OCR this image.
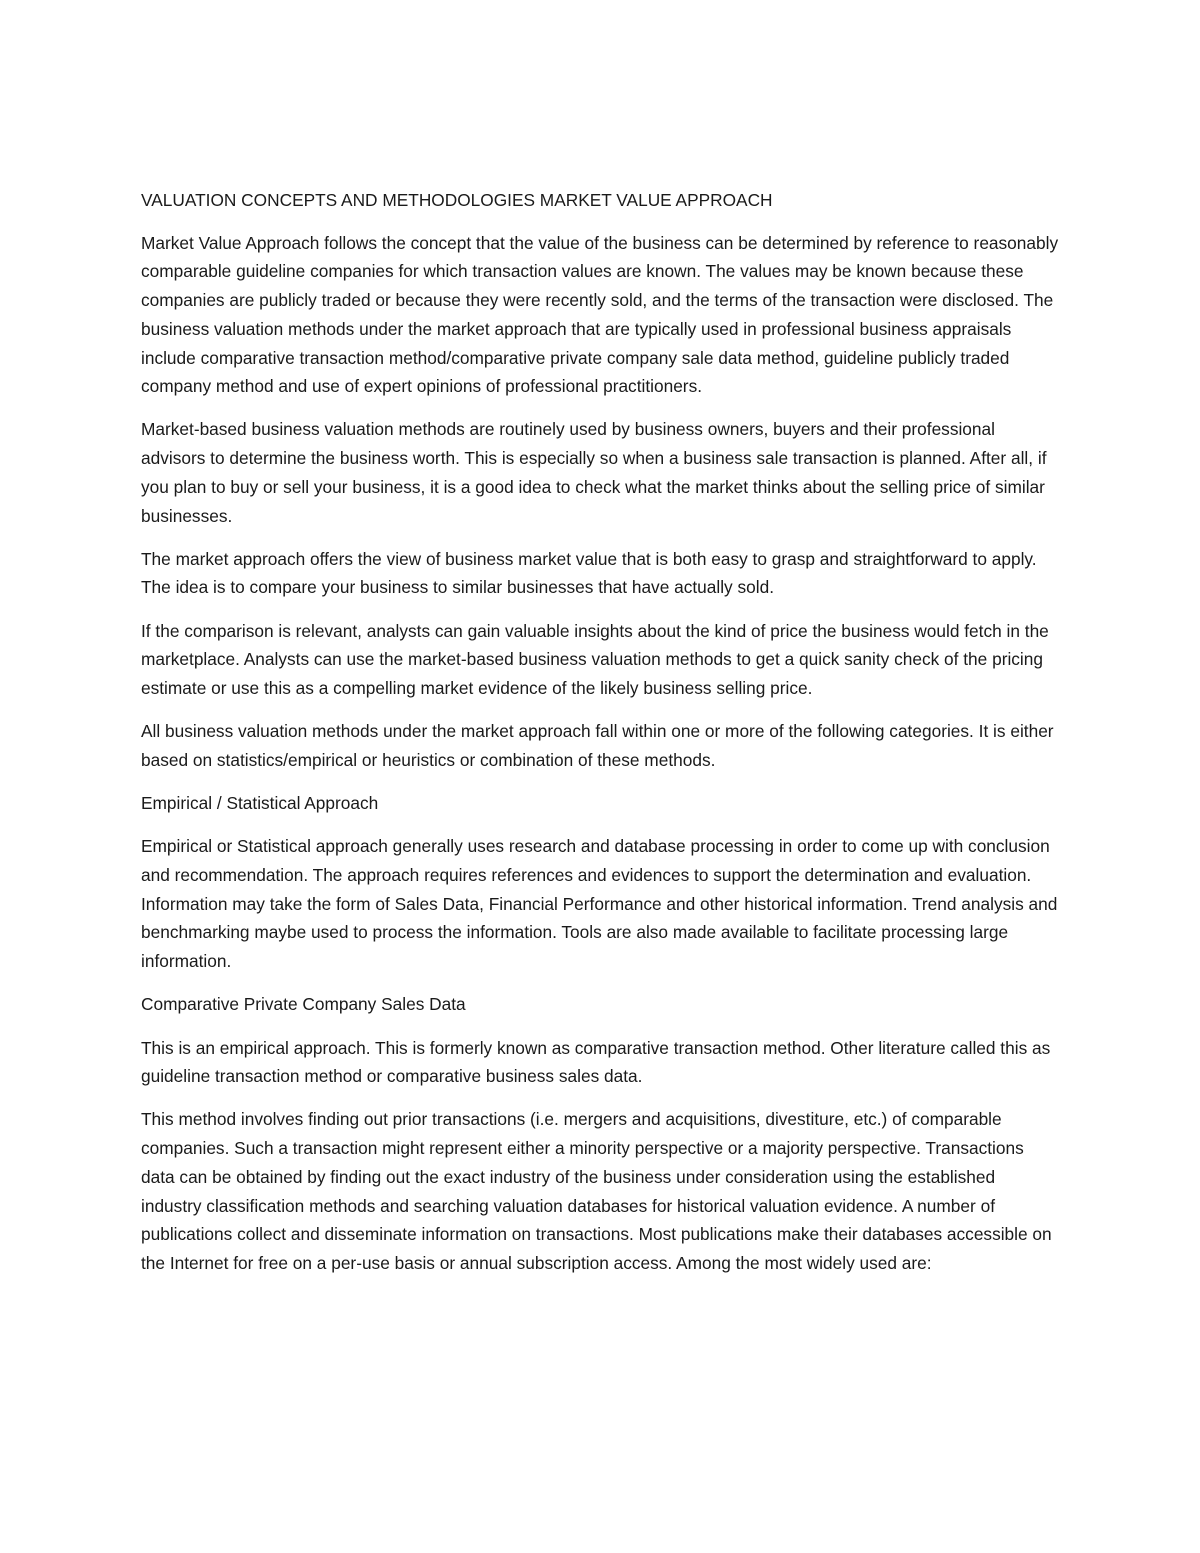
VALUATION CONCEPTS AND METHODOLOGIES MARKET VALUE APPROACH

Market Value Approach follows the concept that the value of the business can be determined by reference to reasonably comparable guideline companies for which transaction values are known. The values may be known because these companies are publicly traded or because they were recently sold, and the terms of the transaction were disclosed. The business valuation methods under the market approach that are typically used in professional business appraisals include comparative transaction method/comparative private company sale data method, guideline publicly traded company method and use of expert opinions of professional practitioners.

Market-based business valuation methods are routinely used by business owners, buyers and their professional advisors to determine the business worth. This is especially so when a business sale transaction is planned. After all, if you plan to buy or sell your business, it is a good idea to check what the market thinks about the selling price of similar businesses.

The market approach offers the view of business market value that is both easy to grasp and straightforward to apply. The idea is to compare your business to similar businesses that have actually sold.

If the comparison is relevant, analysts can gain valuable insights about the kind of price the business would fetch in the marketplace. Analysts can use the market-based business valuation methods to get a quick sanity check of the pricing estimate or use this as a compelling market evidence of the likely business selling price.

All business valuation methods under the market approach fall within one or more of the following categories. It is either based on statistics/empirical or heuristics or combination of these methods.

Empirical / Statistical Approach

Empirical or Statistical approach generally uses research and database processing in order to come up with conclusion and recommendation. The approach requires references and evidences to support the determination and evaluation. Information may take the form of Sales Data, Financial Performance and other historical information. Trend analysis and benchmarking maybe used to process the information. Tools are also made available to facilitate processing large information.

Comparative Private Company Sales Data

This is an empirical approach. This is formerly known as comparative transaction method. Other literature called this as guideline transaction method or comparative business sales data.

This method involves finding out prior transactions (i.e. mergers and acquisitions, divestiture, etc.) of comparable companies. Such a transaction might represent either a minority perspective or a majority perspective. Transactions data can be obtained by finding out the exact industry of the business under consideration using the established industry classification methods and searching valuation databases for historical valuation evidence. A number of publications collect and disseminate information on transactions. Most publications make their databases accessible on the Internet for free on a per-use basis or annual subscription access. Among the most widely used are:
